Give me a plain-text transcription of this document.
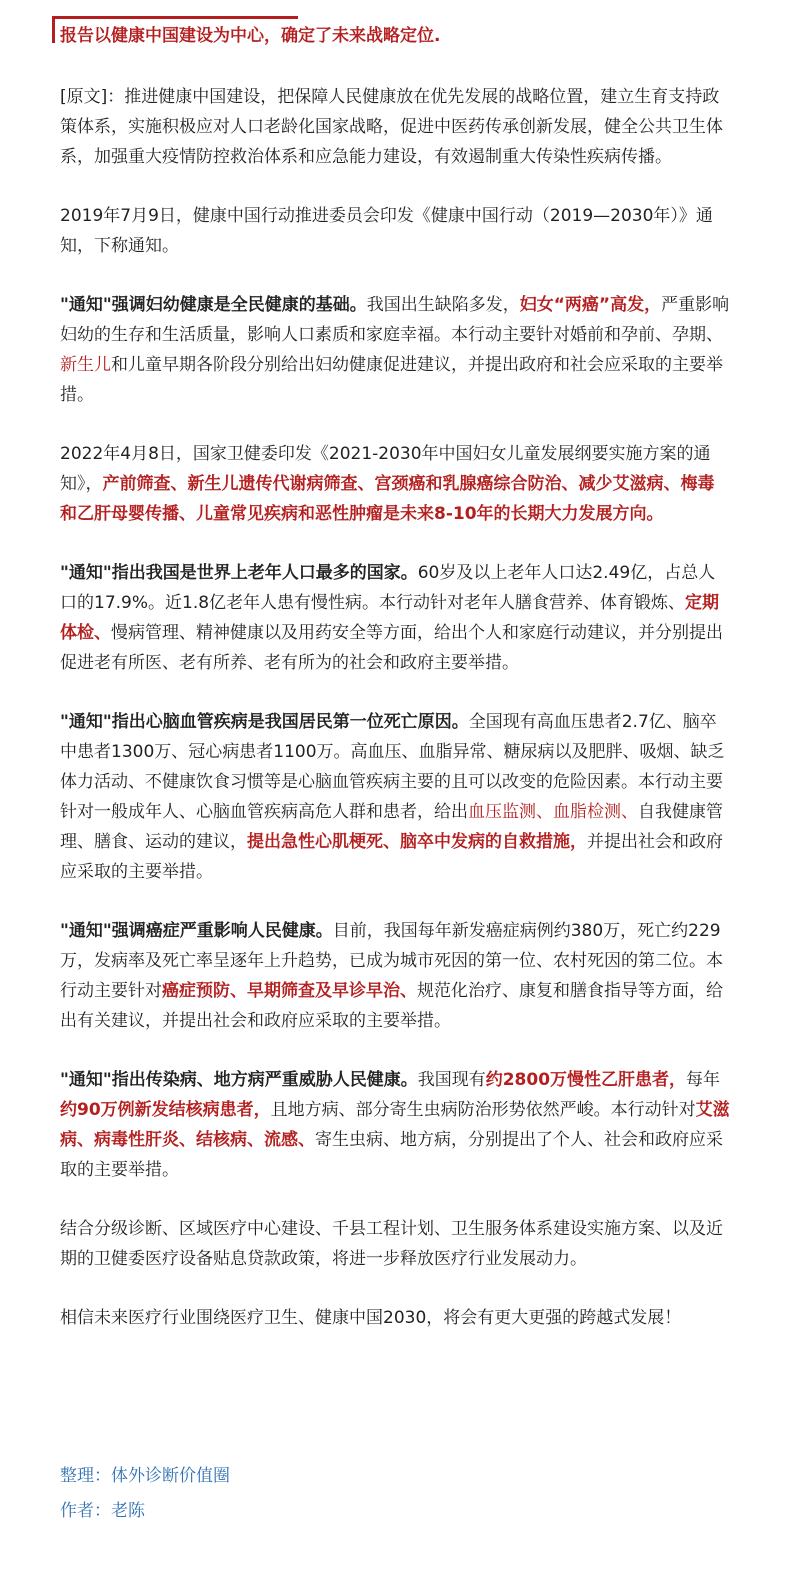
报告以健康中国建设为中心，确定了未来战略定位.

[原文]：推进健康中国建设，把保障人民健康放在优先发展的战略位置，建立生育支持政策体系，实施积极应对人口老龄化国家战略，促进中医药传承创新发展，健全公共卫生体系，加强重大疫情防控救治体系和应急能力建设，有效遏制重大传染性疾病传播。

2019年7月9日，健康中国行动推进委员会印发《健康中国行动（2019—2030年）》通知，下称通知。

"通知"强调妇幼健康是全民健康的基础。我国出生缺陷多发，妇女“两癌”高发，严重影响妇幼的生存和生活质量，影响人口素质和家庭幸福。本行动主要针对婚前和孕前、孕期、新生儿和儿童早期各阶段分别给出妇幼健康促进建议，并提出政府和社会应采取的主要举措。

2022年4月8日，国家卫健委印发《2021-2030年中国妇女儿童发展纲要实施方案的通知》，产前筛查、新生儿遗传代谢病筛查、宫颈癌和乳腺癌综合防治、减少艾滋病、梅毒和乙肝母婴传播、儿童常见疾病和恶性肿瘤是未来8-10年的长期大力发展方向。

"通知"指出我国是世界上老年人口最多的国家。60岁及以上老年人口达2.49亿，占总人口的17.9%。近1.8亿老年人患有慢性病。本行动针对老年人膳食营养、体育锻炼、定期体检、慢病管理、精神健康以及用药安全等方面，给出个人和家庭行动建议，并分别提出促进老有所医、老有所养、老有所为的社会和政府主要举措。

"通知"指出心脑血管疾病是我国居民第一位死亡原因。全国现有高血压患者2.7亿、脑卒中患者1300万、冠心病患者1100万。高血压、血脂异常、糖尿病以及肥胖、吸烟、缺乏体力活动、不健康饮食习惯等是心脑血管疾病主要的且可以改变的危险因素。本行动主要针对一般成年人、心脑血管疾病高危人群和患者，给出血压监测、血脂检测、自我健康管理、膳食、运动的建议，提出急性心肌梗死、脑卒中发病的自救措施，并提出社会和政府应采取的主要举措。

"通知"强调癌症严重影响人民健康。目前，我国每年新发癌症病例约380万，死亡约229万，发病率及死亡率呈逐年上升趋势，已成为城市死因的第一位、农村死因的第二位。本行动主要针对癌症预防、早期筛查及早诊早治、规范化治疗、康复和膳食指导等方面，给出有关建议，并提出社会和政府应采取的主要举措。

"通知"指出传染病、地方病严重威胁人民健康。我国现有约2800万慢性乙肝患者，每年约90万例新发结核病患者，且地方病、部分寄生虫病防治形势依然严峻。本行动针对艾滋病、病毒性肝炎、结核病、流感、寄生虫病、地方病，分别提出了个人、社会和政府应采取的主要举措。

结合分级诊断、区域医疗中心建设、千县工程计划、卫生服务体系建设实施方案、以及近期的卫健委医疗设备贴息贷款政策，将进一步释放医疗行业发展动力。

相信未来医疗行业围绕医疗卫生、健康中国2030，将会有更大更强的跨越式发展！

整理：体外诊断价值圈
作者：老陈
